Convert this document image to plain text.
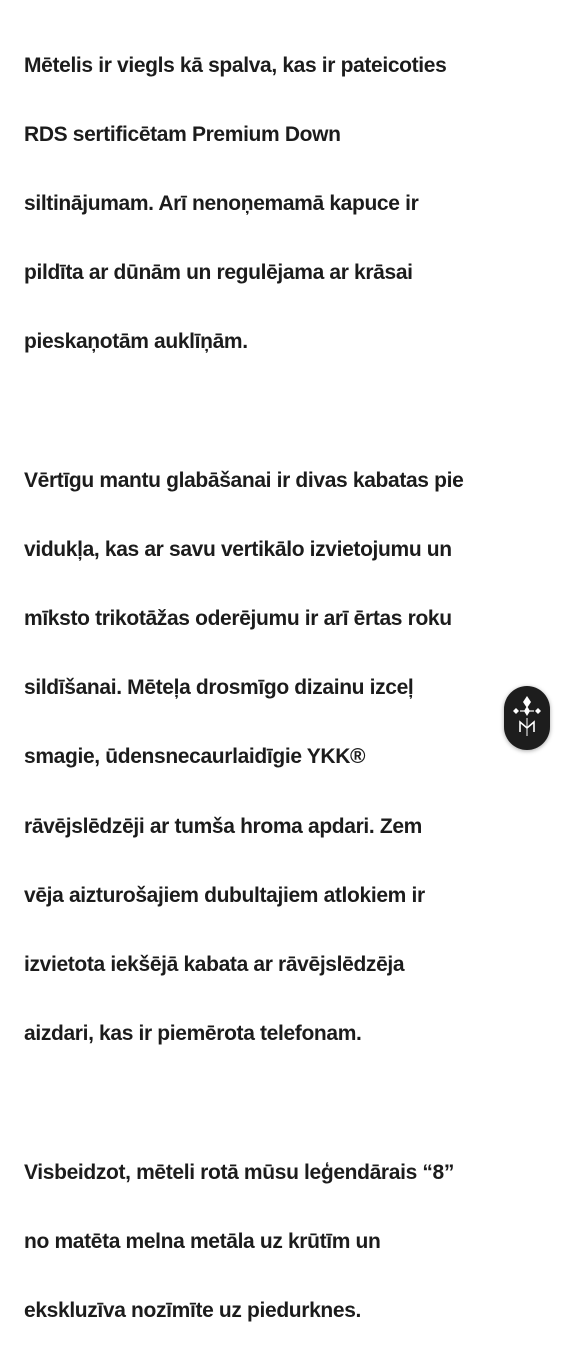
Mētelis ir viegls kā spalva, kas ir pateicoties

RDS sertificētam Premium Down

siltinājumam. Arī nenoņemamā kapuce ir

pildīta ar dūnām un regulējama ar krāsai

pieskaņotām auklīņām.

Vērtīgu mantu glabāšanai ir divas kabatas pie

vidukļa, kas ar savu vertikālo izvietojumu un

mīksto trikotāžas oderējumu ir arī ērtas roku

sildīšanai. Mēteļa drosmīgo dizainu izceļ

smagie, ūdensnecaurlaidīgie YKK®

rāvējslēdzēji ar tumša hroma apdari. Zem

vēja aizturošajiem dubultajiem atlokiem ir

izvietota iekšējā kabata ar rāvējslēdzēja

aizdari, kas ir piemērota telefonam.

Visbeidzot, mēteli rotā mūsu leģendārais “8”

no matēta melna metāla uz krūtīm un

ekskluzīva nozīmīte uz piedurknes.
